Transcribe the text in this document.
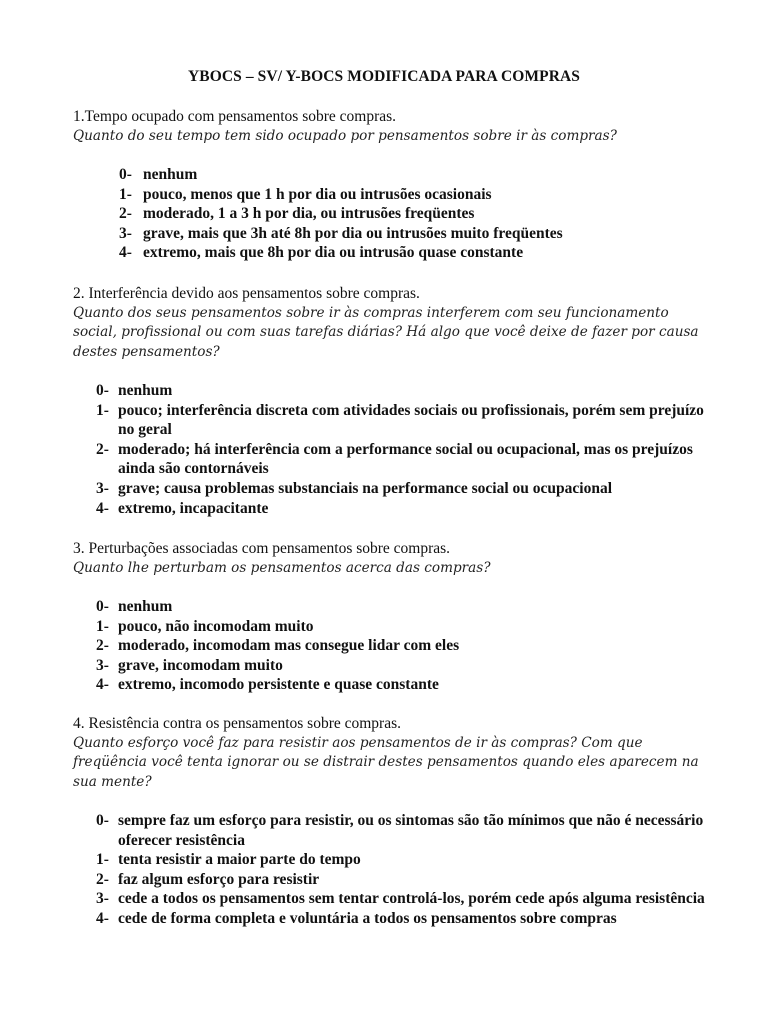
YBOCS – SV/ Y-BOCS MODIFICADA PARA COMPRAS
1.Tempo ocupado com pensamentos sobre compras.
Quanto do seu tempo tem sido ocupado por pensamentos sobre ir às compras?
0- nenhum
1- pouco, menos que 1 h por dia ou intrusões ocasionais
2- moderado, 1 a 3 h por dia, ou intrusões freqüentes
3- grave, mais que 3h até 8h por dia ou intrusões muito freqüentes
4- extremo, mais que 8h por dia ou intrusão quase constante
2. Interferência devido aos pensamentos sobre compras.
Quanto dos seus pensamentos sobre ir às compras interferem com seu funcionamento social, profissional ou com suas tarefas diárias? Há algo que você deixe de fazer por causa destes pensamentos?
0- nenhum
1- pouco; interferência discreta com atividades sociais ou profissionais, porém sem prejuízo no geral
2- moderado; há interferência com a performance social ou ocupacional, mas os prejuízos ainda são contornáveis
3- grave; causa problemas substanciais na performance social ou ocupacional
4- extremo, incapacitante
3. Perturbações associadas com pensamentos sobre compras.
Quanto lhe perturbam os pensamentos acerca das compras?
0- nenhum
1- pouco, não incomodam muito
2- moderado, incomodam mas consegue lidar com eles
3- grave, incomodam muito
4- extremo, incomodo persistente e quase constante
4. Resistência contra os pensamentos sobre compras.
Quanto esforço você faz para resistir aos pensamentos de ir às compras? Com que freqüência você tenta ignorar ou se distrair destes pensamentos quando eles aparecem na sua mente?
0- sempre faz um esforço para resistir, ou os sintomas são tão mínimos que não é necessário oferecer resistência
1- tenta resistir a maior parte do tempo
2- faz algum esforço para resistir
3- cede a todos os pensamentos sem tentar controlá-los, porém cede após alguma resistência
4- cede de forma completa e voluntária a todos os pensamentos sobre compras
